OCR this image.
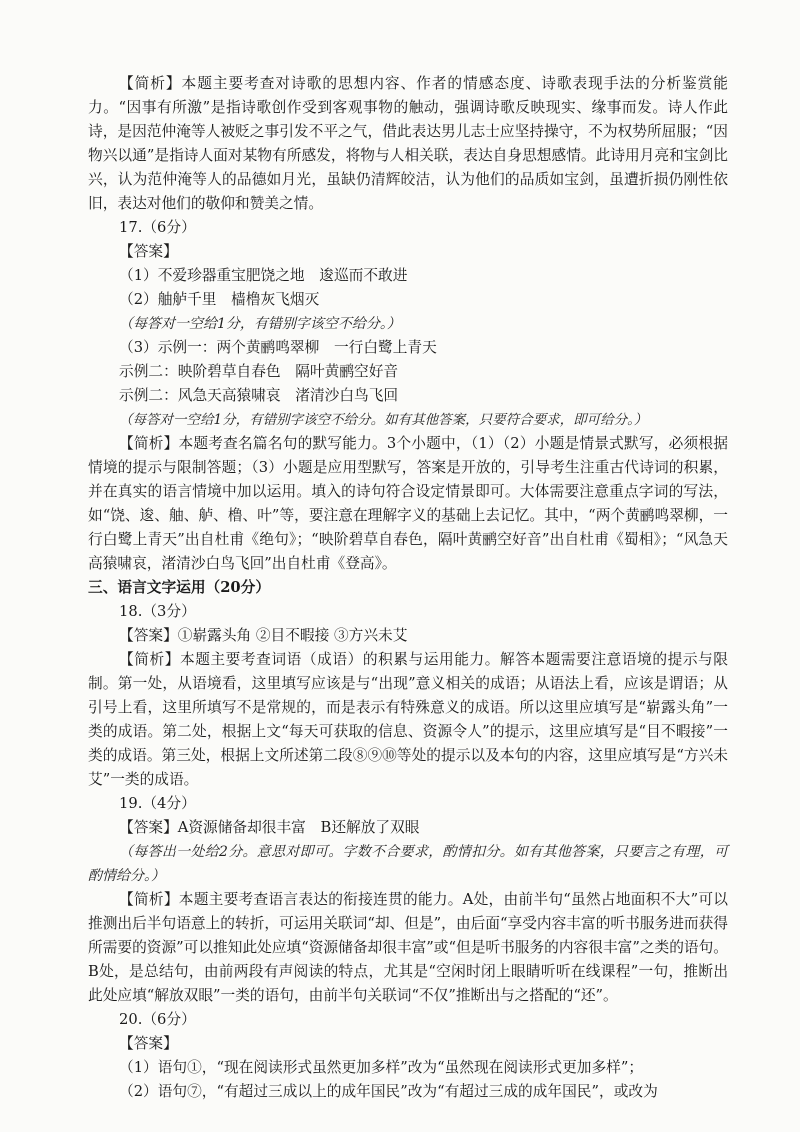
【简析】本题主要考查对诗歌的思想内容、作者的情感态度、诗歌表现手法的分析鉴赏能力。“因事有所激”是指诗歌创作受到客观事物的触动，强调诗歌反映现实、缘事而发。诗人作此诗，是因范仲淹等人被贬之事引发不平之气，借此表达男儿志士应坚持操守，不为权势所屈服；“因物兴以通”是指诗人面对某物有所感发，将物与人相关联，表达自身思想感情。此诗用月亮和宝剑比兴，认为范仲淹等人的品德如月光，虽缺仍清辉皎洁，认为他们的品质如宝剑，虽遭折损仍刚性依旧，表达对他们的敬仰和赞美之情。

17.（6分）

【答案】

（1）不爱珍器重宝肥饶之地　逡巡而不敢进

（2）舳舻千里　樯橹灰飞烟灭

（每答对一空给1分，有错别字该空不给分。）

（3）示例一：两个黄鹂鸣翠柳　一行白鹭上青天

示例二：映阶碧草自春色　隔叶黄鹂空好音

示例二：风急天高猿啸哀　渚清沙白鸟飞回

（每答对一空给1分，有错别字该空不给分。如有其他答案，只要符合要求，即可给分。）

【简析】本题考查名篇名句的默写能力。3个小题中，（1）（2）小题是情景式默写，必须根据情境的提示与限制答题；（3）小题是应用型默写，答案是开放的，引导考生注重古代诗词的积累，并在真实的语言情境中加以运用。填入的诗句符合设定情景即可。大体需要注意重点字词的写法，如“饶、逡、舳、舻、橹、叶”等，要注意在理解字义的基础上去记忆。其中，“两个黄鹂鸣翠柳，一行白鹭上青天”出自杜甫《绝句》；“映阶碧草自春色，隔叶黄鹂空好音”出自杜甫《蜀相》；“风急天高猿啸哀，渚清沙白鸟飞回”出自杜甫《登高》。

三、语言文字运用（20分）

18.（3分）

【答案】①崭露头角 ②目不暇接 ③方兴未艾

【简析】本题主要考查词语（成语）的积累与运用能力。解答本题需要注意语境的提示与限制。第一处，从语境看，这里填写应该是与“出现”意义相关的成语；从语法上看，应该是谓语；从引号上看，这里所填写不是常规的，而是表示有特殊意义的成语。所以这里应填写是“崭露头角”一类的成语。第二处，根据上文“每天可获取的信息、资源令人”的提示，这里应填写是“目不暇接”一类的成语。第三处，根据上文所述第二段⑧⑨⑩等处的提示以及本句的内容，这里应填写是“方兴未艾”一类的成语。

19.（4分）

【答案】A资源储备却很丰富　B还解放了双眼

（每答出一处给2分。意思对即可。字数不合要求，酌情扣分。如有其他答案，只要言之有理，可酌情给分。）

【简析】本题主要考查语言表达的衔接连贯的能力。A处，由前半句“虽然占地面积不大”可以推测出后半句语意上的转折，可运用关联词“却、但是”，由后面“享受内容丰富的听书服务进而获得所需要的资源”可以推知此处应填“资源储备却很丰富”或“但是听书服务的内容很丰富”之类的语句。B处，是总结句，由前两段有声阅读的特点，尤其是“空闲时闭上眼睛听听在线课程”一句，推断出此处应填“解放双眼”一类的语句，由前半句关联词“不仅”推断出与之搭配的“还”。

20.（6分）

【答案】

（1）语句①，“现在阅读形式虽然更加多样”改为“虽然现在阅读形式更加多样”；

（2）语句⑦，“有超过三成以上的成年国民”改为“有超过三成的成年国民”，或改为
